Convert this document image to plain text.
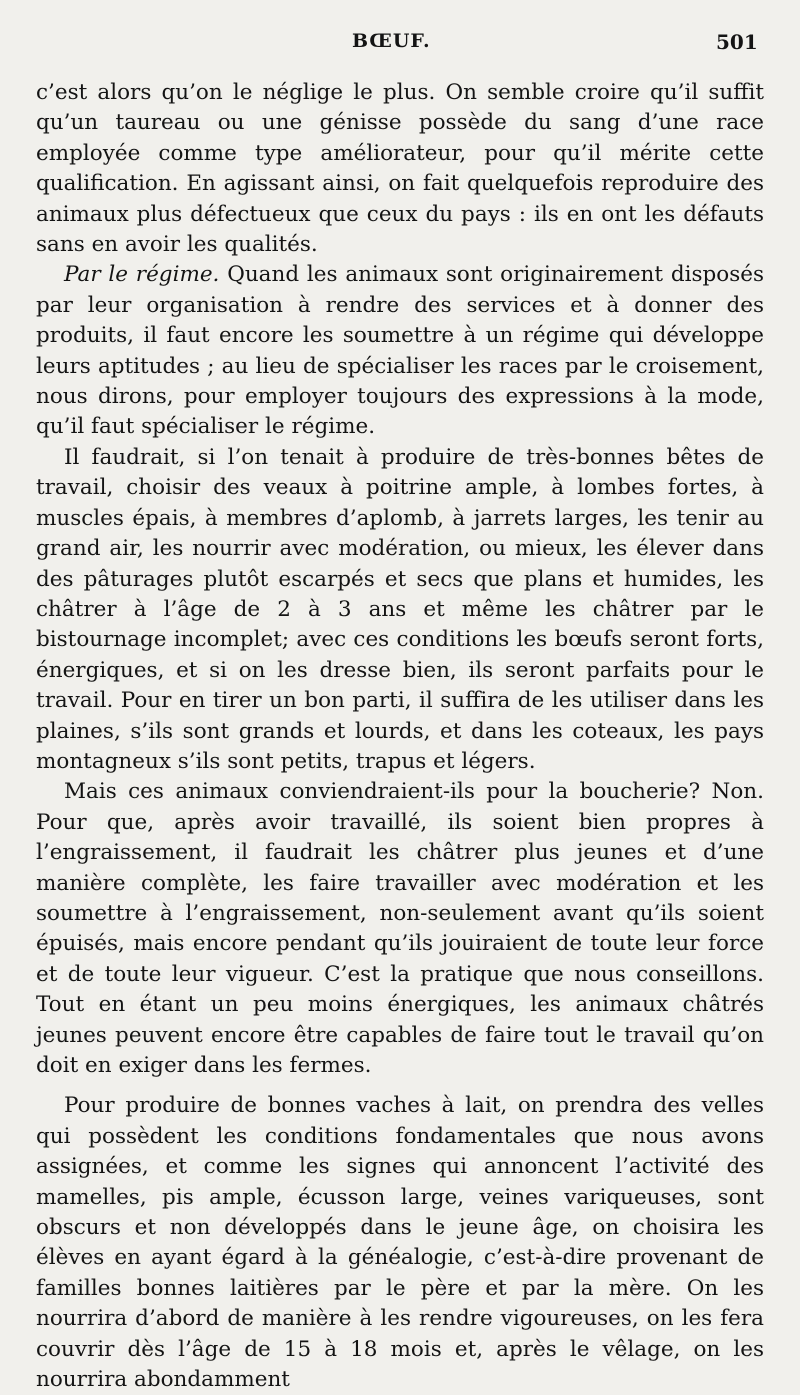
BŒUF.	501

c’est alors qu’on le néglige le plus. On semble croire qu’il suffit qu’un taureau ou une génisse possède du sang d’une race employée comme type améliorateur, pour qu’il mérite cette qualification. En agissant ainsi, on fait quelquefois reproduire des animaux plus défectueux que ceux du pays : ils en ont les défauts sans en avoir les qualités.

Par le régime. Quand les animaux sont originairement disposés par leur organisation à rendre des services et à donner des produits, il faut encore les soumettre à un régime qui développe leurs aptitudes ; au lieu de spécialiser les races par le croisement, nous dirons, pour employer toujours des expressions à la mode, qu’il faut spécialiser le régime.

Il faudrait, si l’on tenait à produire de très-bonnes bêtes de travail, choisir des veaux à poitrine ample, à lombes fortes, à muscles épais, à membres d’aplomb, à jarrets larges, les tenir au grand air, les nourrir avec modération, ou mieux, les élever dans des pâturages plutôt escarpés et secs que plans et humides, les châtrer à l’âge de 2 à 3 ans et même les châtrer par le bistournage incomplet; avec ces conditions les bœufs seront forts, énergiques, et si on les dresse bien, ils seront parfaits pour le travail. Pour en tirer un bon parti, il suffira de les utiliser dans les plaines, s’ils sont grands et lourds, et dans les coteaux, les pays montagneux s’ils sont petits, trapus et légers.

Mais ces animaux conviendraient-ils pour la boucherie? Non. Pour que, après avoir travaillé, ils soient bien propres à l’engraissement, il faudrait les châtrer plus jeunes et d’une manière complète, les faire travailler avec modération et les soumettre à l’engraissement, non-seulement avant qu’ils soient épuisés, mais encore pendant qu’ils jouiraient de toute leur force et de toute leur vigueur. C’est la pratique que nous conseillons. Tout en étant un peu moins énergiques, les animaux châtrés jeunes peuvent encore être capables de faire tout le travail qu’on doit en exiger dans les fermes.

Pour produire de bonnes vaches à lait, on prendra des velles qui possèdent les conditions fondamentales que nous avons assignées, et comme les signes qui annoncent l’activité des mamelles, pis ample, écusson large, veines variqueuses, sont obscurs et non développés dans le jeune âge, on choisira les élèves en ayant égard à la généalogie, c’est-à-dire provenant de familles bonnes laitières par le père et par la mère. On les nourrira d’abord de manière à les rendre vigoureuses, on les fera couvrir dès l’âge de 15 à 18 mois et, après le vêlage, on les nourrira abondamment
